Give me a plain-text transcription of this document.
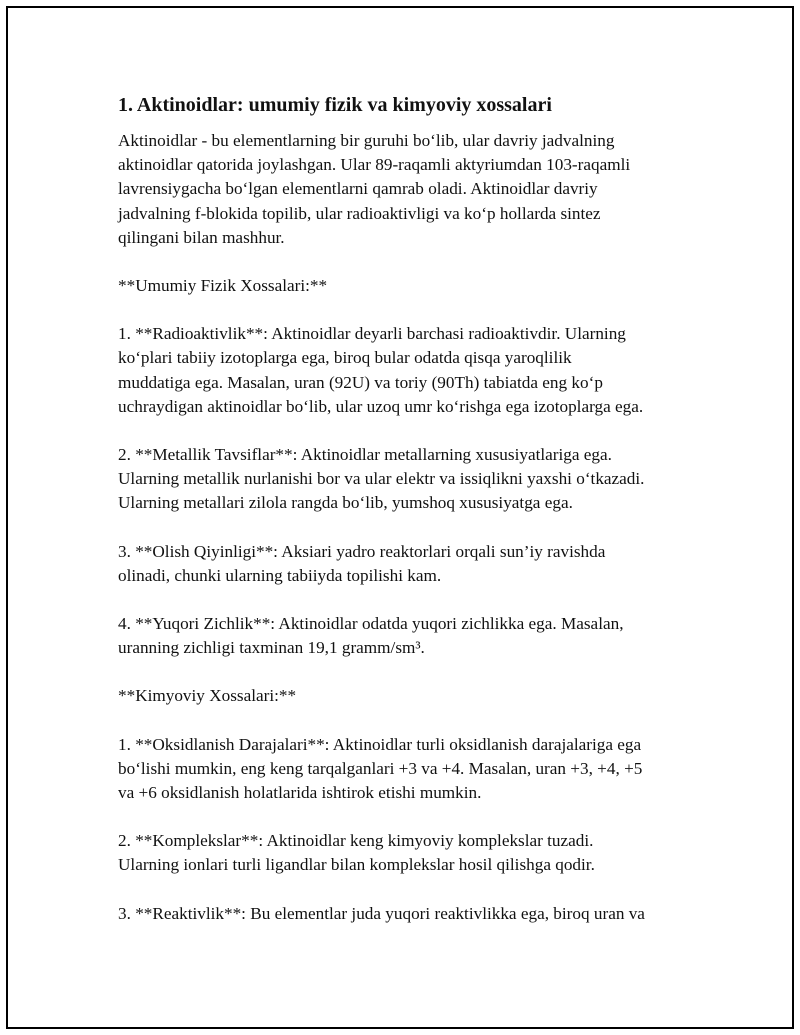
1. Aktinoidlar: umumiy fizik va kimyoviy xossalari

Aktinoidlar - bu elementlarning bir guruhi bo‘lib, ular davriy jadvalning
aktinoidlar qatorida joylashgan. Ular 89-raqamli aktyriumdan 103-raqamli
lavrensiygacha bo‘lgan elementlarni qamrab oladi. Aktinoidlar davriy
jadvalning f-blokida topilib, ular radioaktivligi va ko‘p hollarda sintez
qilingani bilan mashhur.

**Umumiy Fizik Xossalari:**

1. **Radioaktivlik**: Aktinoidlar deyarli barchasi radioaktivdir. Ularning
ko‘plari tabiiy izotoplarga ega, biroq bular odatda qisqa yaroqlilik
muddatiga ega. Masalan, uran (92U) va toriy (90Th) tabiatda eng ko‘p
uchraydigan aktinoidlar bo‘lib, ular uzoq umr ko‘rishga ega izotoplarga ega.

2. **Metallik Tavsiflar**: Aktinoidlar metallarning xususiyatlariga ega.
Ularning metallik nurlanishi bor va ular elektr va issiqlikni yaxshi o‘tkazadi.
Ularning metallari zilola rangda bo‘lib, yumshoq xususiyatga ega.

3. **Olish Qiyinligi**: Aksiari yadro reaktorlari orqali sun’iy ravishda
olinadi, chunki ularning tabiiyda topilishi kam.

4. **Yuqori Zichlik**: Aktinoidlar odatda yuqori zichlikka ega. Masalan,
uranning zichligi taxminan 19,1 gramm/sm³.

**Kimyoviy Xossalari:**

1. **Oksidlanish Darajalari**: Aktinoidlar turli oksidlanish darajalariga ega
bo‘lishi mumkin, eng keng tarqalganlari +3 va +4. Masalan, uran +3, +4, +5
va +6 oksidlanish holatlarida ishtirok etishi mumkin.

2. **Komplekslar**: Aktinoidlar keng kimyoviy komplekslar tuzadi.
Ularning ionlari turli ligandlar bilan komplekslar hosil qilishga qodir.

3. **Reaktivlik**: Bu elementlar juda yuqori reaktivlikka ega, biroq uran va
